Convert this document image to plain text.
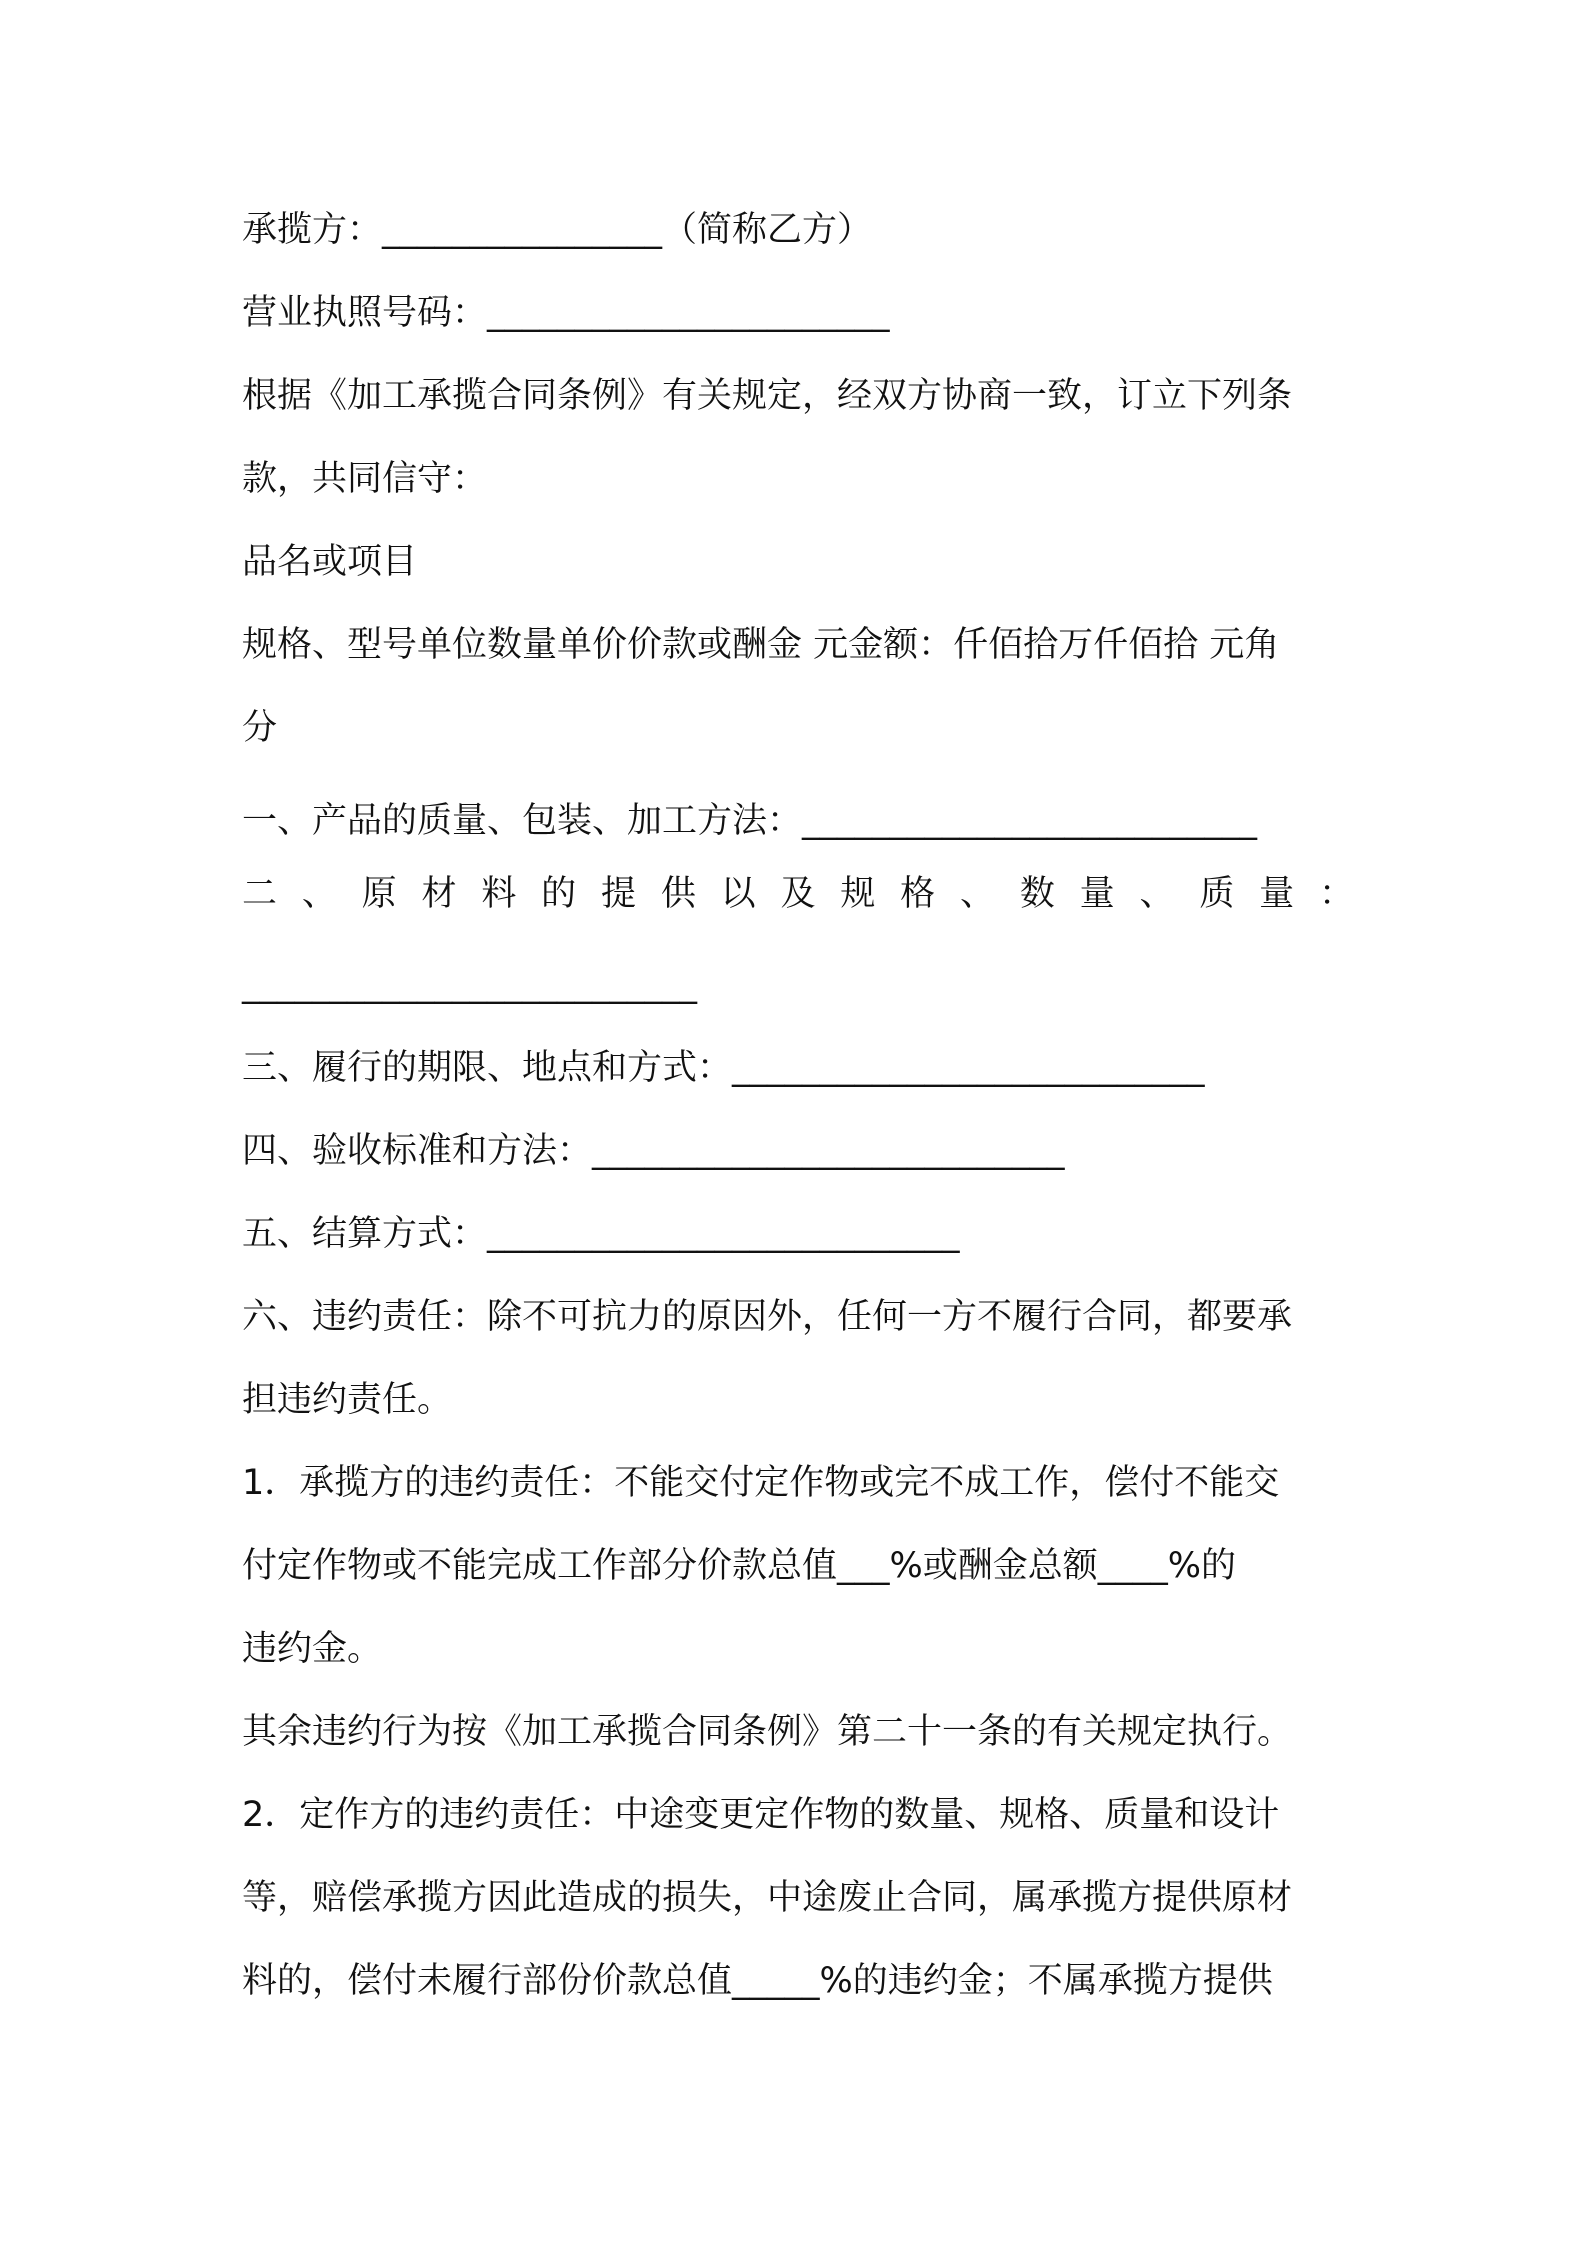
承揽方：________________（简称乙方）
营业执照号码：_______________________
根据《加工承揽合同条例》有关规定，经双方协商一致，订立下列条
款，共同信守：
品名或项目
规格、型号单位数量单价价款或酬金 元金额：仟佰拾万仟佰拾 元角
分
一、产品的质量、包装、加工方法：__________________________
二、原材料的提供以及规格、数量、质量：
__________________________
三、履行的期限、地点和方式：___________________________
四、验收标准和方法：___________________________
五、结算方式：___________________________
六、违约责任：除不可抗力的原因外，任何一方不履行合同，都要承
担违约责任。
1．承揽方的违约责任：不能交付定作物或完不成工作，偿付不能交
付定作物或不能完成工作部分价款总值___%或酬金总额____%的
违约金。
其余违约行为按《加工承揽合同条例》第二十一条的有关规定执行。
2．定作方的违约责任：中途变更定作物的数量、规格、质量和设计
等，赔偿承揽方因此造成的损失，中途废止合同，属承揽方提供原材
料的，偿付未履行部份价款总值_____%的违约金；不属承揽方提供
